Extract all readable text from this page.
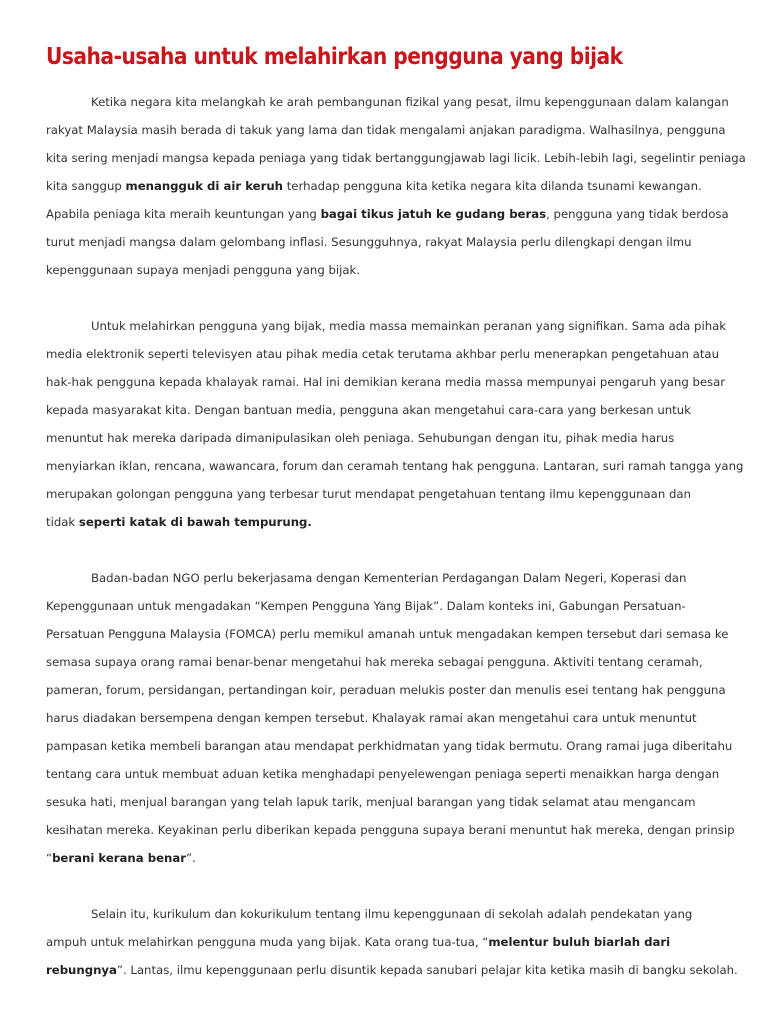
Usaha-usaha untuk melahirkan pengguna yang bijak
Ketika negara kita melangkah ke arah pembangunan fizikal yang pesat, ilmu kepenggunaan dalam kalangan
rakyat Malaysia masih berada di takuk yang lama dan tidak mengalami anjakan paradigma. Walhasilnya, pengguna
kita sering menjadi mangsa kepada peniaga yang tidak bertanggungjawab lagi licik. Lebih-lebih lagi, segelintir peniaga
kita sanggup menangguk di air keruh terhadap pengguna kita ketika negara kita dilanda tsunami kewangan.
Apabila peniaga kita meraih keuntungan yang bagai tikus jatuh ke gudang beras, pengguna yang tidak berdosa
turut menjadi mangsa dalam gelombang inflasi. Sesungguhnya, rakyat Malaysia perlu dilengkapi dengan ilmu
kepenggunaan supaya menjadi pengguna yang bijak.
Untuk melahirkan pengguna yang bijak, media massa memainkan peranan yang signifikan. Sama ada pihak
media elektronik seperti televisyen atau pihak media cetak terutama akhbar perlu menerapkan pengetahuan atau
hak-hak pengguna kepada khalayak ramai. Hal ini demikian kerana media massa mempunyai pengaruh yang besar
kepada masyarakat kita. Dengan bantuan media, pengguna akan mengetahui cara-cara yang berkesan untuk
menuntut hak mereka daripada dimanipulasikan oleh peniaga. Sehubungan dengan itu, pihak media harus
menyiarkan iklan, rencana, wawancara, forum dan ceramah tentang hak pengguna. Lantaran, suri ramah tangga yang
merupakan golongan pengguna yang terbesar turut mendapat pengetahuan tentang ilmu kepenggunaan dan
tidak seperti katak di bawah tempurung.
Badan-badan NGO perlu bekerjasama dengan Kementerian Perdagangan Dalam Negeri, Koperasi dan
Kepenggunaan untuk mengadakan “Kempen Pengguna Yang Bijak”. Dalam konteks ini, Gabungan Persatuan-
Persatuan Pengguna Malaysia (FOMCA) perlu memikul amanah untuk mengadakan kempen tersebut dari semasa ke
semasa supaya orang ramai benar-benar mengetahui hak mereka sebagai pengguna. Aktiviti tentang ceramah,
pameran, forum, persidangan, pertandingan koir, peraduan melukis poster dan menulis esei tentang hak pengguna
harus diadakan bersempena dengan kempen tersebut. Khalayak ramai akan mengetahui cara untuk menuntut
pampasan ketika membeli barangan atau mendapat perkhidmatan yang tidak bermutu. Orang ramai juga diberitahu
tentang cara untuk membuat aduan ketika menghadapi penyelewengan peniaga seperti menaikkan harga dengan
sesuka hati, menjual barangan yang telah lapuk tarik, menjual barangan yang tidak selamat atau mengancam
kesihatan mereka. Keyakinan perlu diberikan kepada pengguna supaya berani menuntut hak mereka, dengan prinsip
“berani kerana benar”.
Selain itu, kurikulum dan kokurikulum tentang ilmu kepenggunaan di sekolah adalah pendekatan yang
ampuh untuk melahirkan pengguna muda yang bijak. Kata orang tua-tua, “melentur buluh biarlah dari
rebungnya”. Lantas, ilmu kepenggunaan perlu disuntik kepada sanubari pelajar kita ketika masih di bangku sekolah.
